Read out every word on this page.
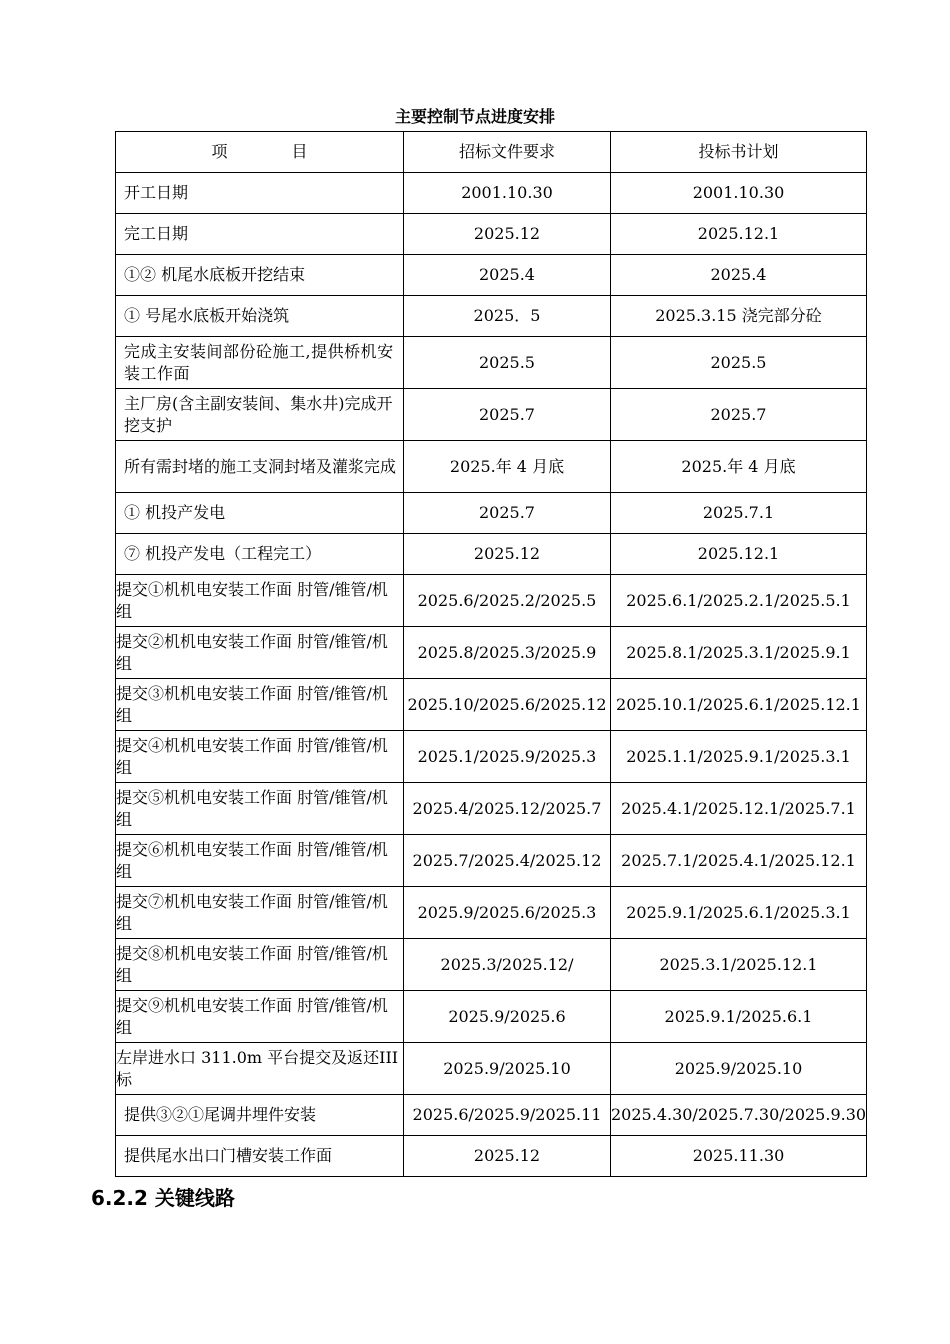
主要控制节点进度安排
项　　　　目	招标文件要求	投标书计划
开工日期	2001.10.30	2001.10.30
完工日期	2025.12	2025.12.1
①② 机尾水底板开挖结束	2025.4	2025.4
① 号尾水底板开始浇筑	2025．5	2025.3.15 浇完部分砼
完成主安装间部份砼施工,提供桥机安装工作面	2025.5	2025.5
主厂房(含主副安装间、集水井)完成开挖支护	2025.7	2025.7
所有需封堵的施工支洞封堵及灌浆完成	2025.年 4 月底	2025.年 4 月底
① 机投产发电	2025.7	2025.7.1
⑦ 机投产发电（工程完工）	2025.12	2025.12.1
提交①机机电安装工作面 肘管/锥管/机组	2025.6/2025.2/2025.5	2025.6.1/2025.2.1/2025.5.1
提交②机机电安装工作面 肘管/锥管/机组	2025.8/2025.3/2025.9	2025.8.1/2025.3.1/2025.9.1
提交③机机电安装工作面 肘管/锥管/机组	2025.10/2025.6/2025.12	2025.10.1/2025.6.1/2025.12.1
提交④机机电安装工作面 肘管/锥管/机组	2025.1/2025.9/2025.3	2025.1.1/2025.9.1/2025.3.1
提交⑤机机电安装工作面 肘管/锥管/机组	2025.4/2025.12/2025.7	2025.4.1/2025.12.1/2025.7.1
提交⑥机机电安装工作面 肘管/锥管/机组	2025.7/2025.4/2025.12	2025.7.1/2025.4.1/2025.12.1
提交⑦机机电安装工作面 肘管/锥管/机组	2025.9/2025.6/2025.3	2025.9.1/2025.6.1/2025.3.1
提交⑧机机电安装工作面 肘管/锥管/机组	2025.3/2025.12/	2025.3.1/2025.12.1
提交⑨机机电安装工作面 肘管/锥管/机组	2025.9/2025.6	2025.9.1/2025.6.1
左岸进水口 311.0m 平台提交及返还III标	2025.9/2025.10	2025.9/2025.10
提供③②①尾调井埋件安装	2025.6/2025.9/2025.11	2025.4.30/2025.7.30/2025.9.30
提供尾水出口门槽安装工作面	2025.12	2025.11.30
6.2.2 关键线路
